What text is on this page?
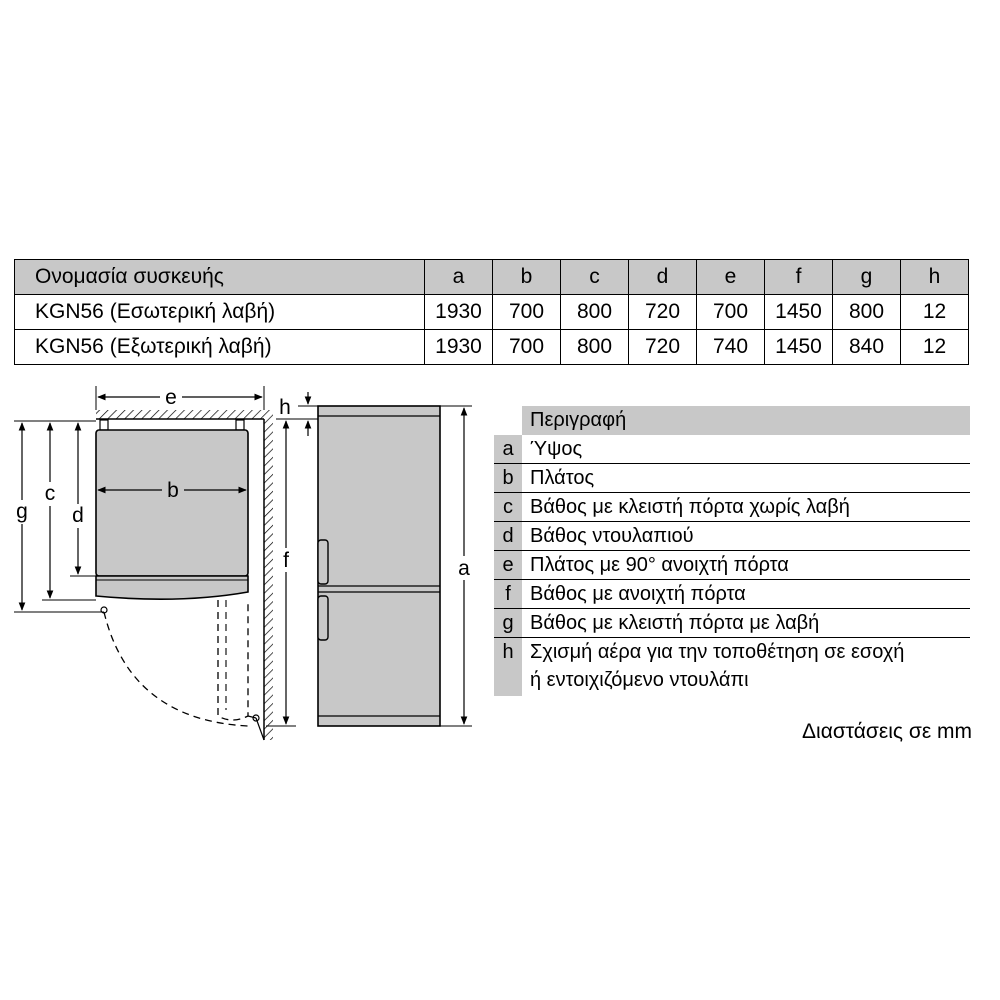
Ονομασία συσκευής	a	b	c	d	e	f	g	h
KGN56 (Εσωτερική λαβή)	1930	700	800	720	700	1450	800	12
KGN56 (Εξωτερική λαβή)	1930	700	800	720	740	1450	840	12
e
b
g
c
d
h
f	a
Περιγραφή
a Ύψος
b Πλάτος
c Βάθος με κλειστή πόρτα χωρίς λαβή
d Βάθος ντουλαπιού
e Πλάτος με 90° ανοιχτή πόρτα
f Βάθος με ανοιχτή πόρτα
g Βάθος με κλειστή πόρτα με λαβή
h Σχισμή αέρα για την τοποθέτηση σε εσοχή
ή εντοιχιζόμενο ντουλάπι
Διαστάσεις σε mm
